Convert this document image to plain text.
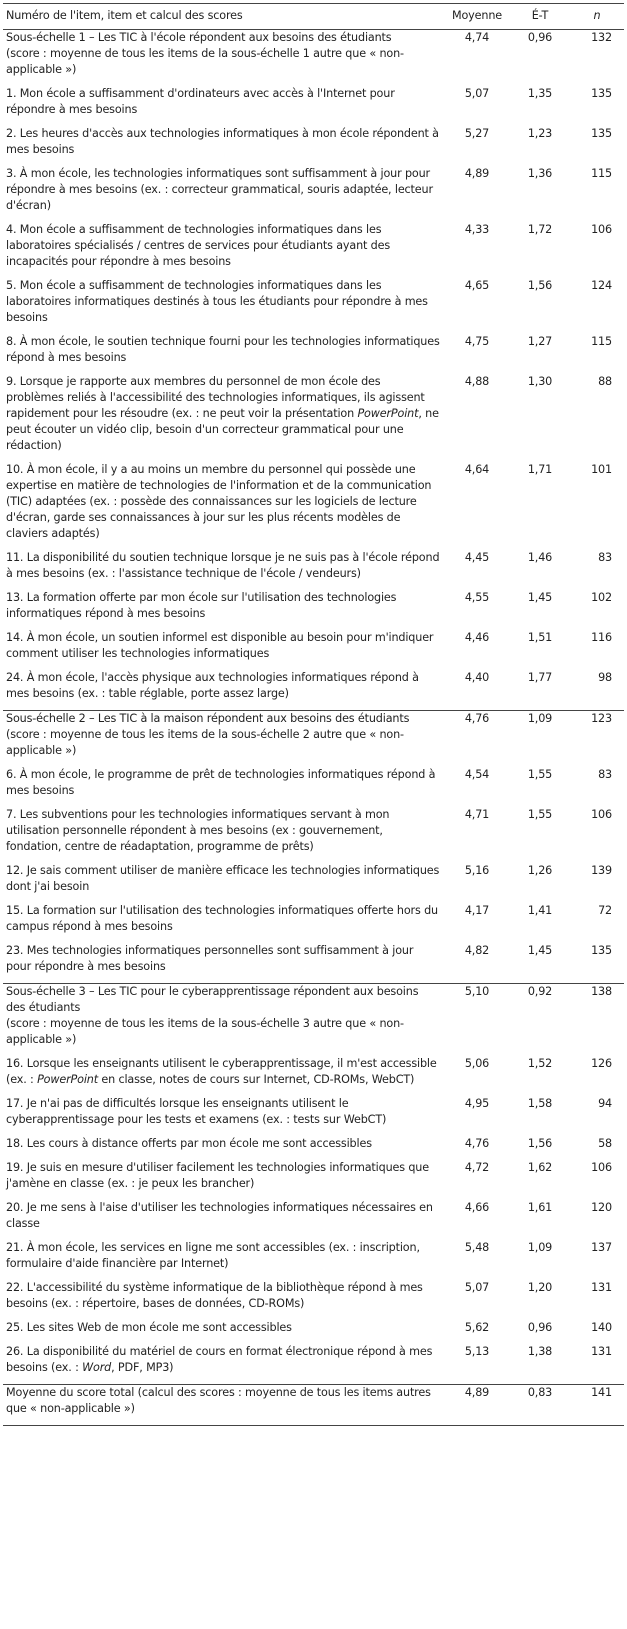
Numéro de l'item, item et calcul des scores	Moyenne	É-T	n
Sous-échelle 1 – Les TIC à l'école répondent aux besoins des étudiants
(score : moyenne de tous les items de la sous-échelle 1 autre que « non-applicable »)	4,74	0,96	132
1. Mon école a suffisamment d'ordinateurs avec accès à l'Internet pour répondre à mes besoins	5,07	1,35	135
2. Les heures d'accès aux technologies informatiques à mon école répondent à mes besoins	5,27	1,23	135
3. À mon école, les technologies informatiques sont suffisamment à jour pour répondre à mes besoins (ex. : correcteur grammatical, souris adaptée, lecteur d'écran)	4,89	1,36	115
4. Mon école a suffisamment de technologies informatiques dans les laboratoires spécialisés / centres de services pour étudiants ayant des incapacités pour répondre à mes besoins	4,33	1,72	106
5. Mon école a suffisamment de technologies informatiques dans les laboratoires informatiques destinés à tous les étudiants pour répondre à mes besoins	4,65	1,56	124
8. À mon école, le soutien technique fourni pour les technologies informatiques répond à mes besoins	4,75	1,27	115
9. Lorsque je rapporte aux membres du personnel de mon école des problèmes reliés à l'accessibilité des technologies informatiques, ils agissent rapidement pour les résoudre (ex. : ne peut voir la présentation PowerPoint, ne peut écouter un vidéo clip, besoin d'un correcteur grammatical pour une rédaction)	4,88	1,30	88
10. À mon école, il y a au moins un membre du personnel qui possède une expertise en matière de technologies de l'information et de la communication (TIC) adaptées (ex. : possède des connaissances sur les logiciels de lecture d'écran, garde ses connaissances à jour sur les plus récents modèles de claviers adaptés)	4,64	1,71	101
11. La disponibilité du soutien technique lorsque je ne suis pas à l'école répond à mes besoins (ex. : l'assistance technique de l'école / vendeurs)	4,45	1,46	83
13. La formation offerte par mon école sur l'utilisation des technologies informatiques répond à mes besoins	4,55	1,45	102
14. À mon école, un soutien informel est disponible au besoin pour m'indiquer comment utiliser les technologies informatiques	4,46	1,51	116
24. À mon école, l'accès physique aux technologies informatiques répond à mes besoins (ex. : table réglable, porte assez large)	4,40	1,77	98
Sous-échelle 2 – Les TIC à la maison répondent aux besoins des étudiants
(score : moyenne de tous les items de la sous-échelle 2 autre que « non-applicable »)	4,76	1,09	123
6. À mon école, le programme de prêt de technologies informatiques répond à mes besoins	4,54	1,55	83
7. Les subventions pour les technologies informatiques servant à mon utilisation personnelle répondent à mes besoins (ex : gouvernement, fondation, centre de réadaptation, programme de prêts)	4,71	1,55	106
12. Je sais comment utiliser de manière efficace les technologies informatiques dont j'ai besoin	5,16	1,26	139
15. La formation sur l'utilisation des technologies informatiques offerte hors du campus répond à mes besoins	4,17	1,41	72
23. Mes technologies informatiques personnelles sont suffisamment à jour pour répondre à mes besoins	4,82	1,45	135
Sous-échelle 3 – Les TIC pour le cyberapprentissage répondent aux besoins des étudiants
(score : moyenne de tous les items de la sous-échelle 3 autre que « non-applicable »)	5,10	0,92	138
16. Lorsque les enseignants utilisent le cyberapprentissage, il m'est accessible (ex. : PowerPoint en classe, notes de cours sur Internet, CD-ROMs, WebCT)	5,06	1,52	126
17. Je n'ai pas de difficultés lorsque les enseignants utilisent le cyberapprentissage pour les tests et examens (ex. : tests sur WebCT)	4,95	1,58	94
18. Les cours à distance offerts par mon école me sont accessibles	4,76	1,56	58
19. Je suis en mesure d'utiliser facilement les technologies informatiques que j'amène en classe (ex. : je peux les brancher)	4,72	1,62	106
20. Je me sens à l'aise d'utiliser les technologies informatiques nécessaires en classe	4,66	1,61	120
21. À mon école, les services en ligne me sont accessibles (ex. : inscription, formulaire d'aide financière par Internet)	5,48	1,09	137
22. L'accessibilité du système informatique de la bibliothèque répond à mes besoins (ex. : répertoire, bases de données, CD-ROMs)	5,07	1,20	131
25. Les sites Web de mon école me sont accessibles	5,62	0,96	140
26. La disponibilité du matériel de cours en format électronique répond à mes besoins (ex. : Word, PDF, MP3)	5,13	1,38	131
Moyenne du score total (calcul des scores : moyenne de tous les items autres que « non-applicable »)	4,89	0,83	141
